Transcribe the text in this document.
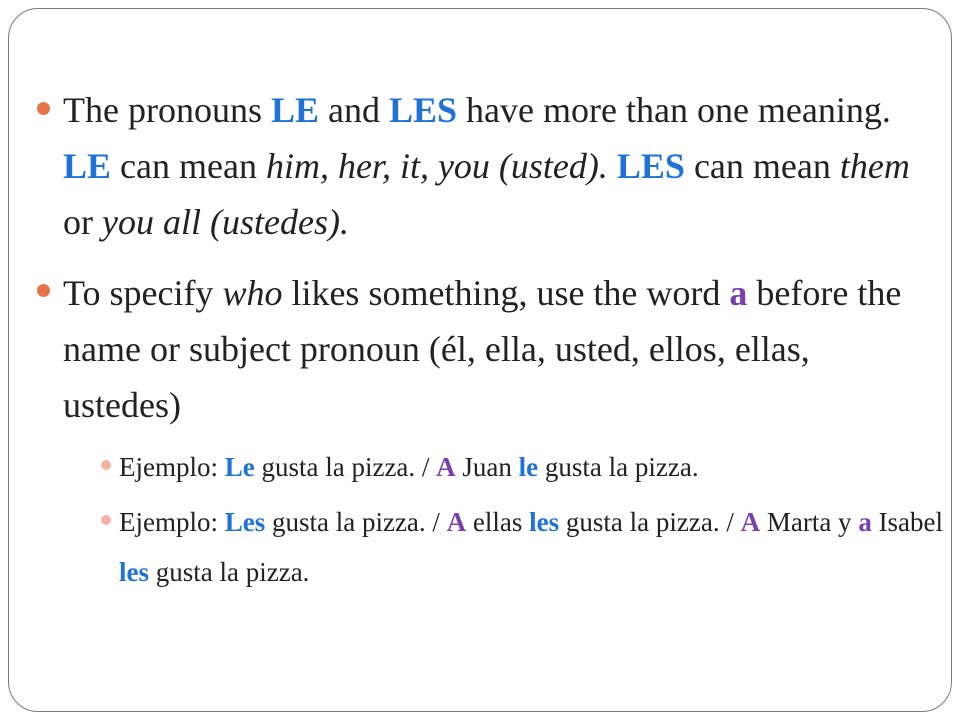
The pronouns LE and LES have more than one meaning. LE can mean him, her, it, you (usted). LES can mean them or you all (ustedes).
To specify who likes something, use the word a before the name or subject pronoun (él, ella, usted, ellos, ellas, ustedes)
Ejemplo: Le gusta la pizza. / A Juan le gusta la pizza.
Ejemplo: Les gusta la pizza. / A ellas les gusta la pizza. / A Marta y a Isabel les gusta la pizza.
